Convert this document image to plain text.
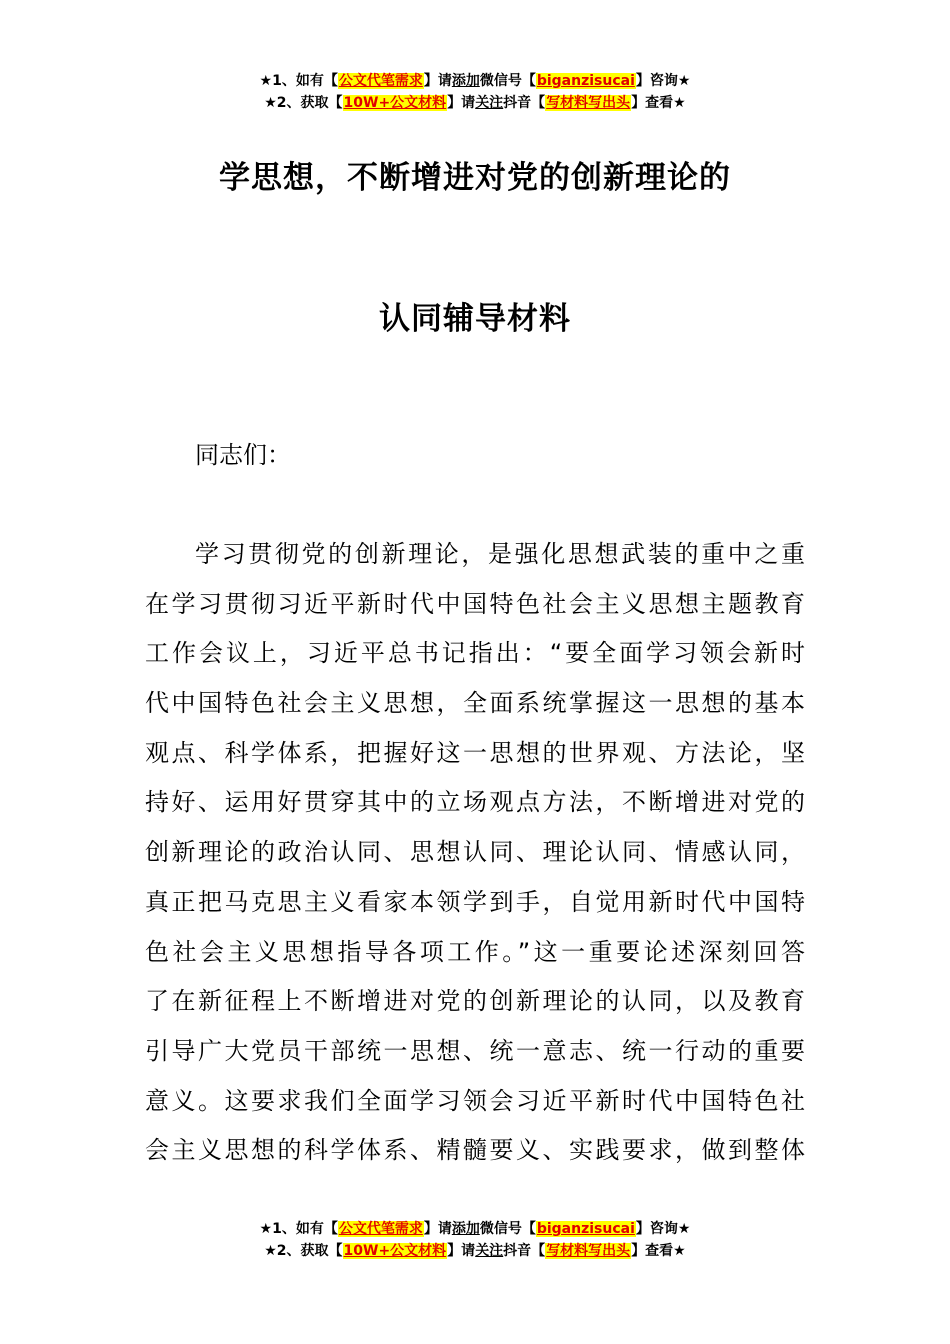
★1、如有【公文代笔需求】请添加微信号【biganzisucai】咨询★
★2、获取【10W+公文材料】请关注抖音【写材料写出头】查看★
学思想，不断增进对党的创新理论的
认同辅导材料
同志们：
学习贯彻党的创新理论，是强化思想武装的重中之重
在学习贯彻习近平新时代中国特色社会主义思想主题教育
工作会议上，习近平总书记指出：“要全面学习领会新时
代中国特色社会主义思想，全面系统掌握这一思想的基本
观点、科学体系，把握好这一思想的世界观、方法论，坚
持好、运用好贯穿其中的立场观点方法，不断增进对党的
创新理论的政治认同、思想认同、理论认同、情感认同，
真正把马克思主义看家本领学到手，自觉用新时代中国特
色社会主义思想指导各项工作。”这一重要论述深刻回答
了在新征程上不断增进对党的创新理论的认同，以及教育
引导广大党员干部统一思想、统一意志、统一行动的重要
意义。这要求我们全面学习领会习近平新时代中国特色社
会主义思想的科学体系、精髓要义、实践要求，做到整体
★1、如有【公文代笔需求】请添加微信号【biganzisucai】咨询★
★2、获取【10W+公文材料】请关注抖音【写材料写出头】查看★
